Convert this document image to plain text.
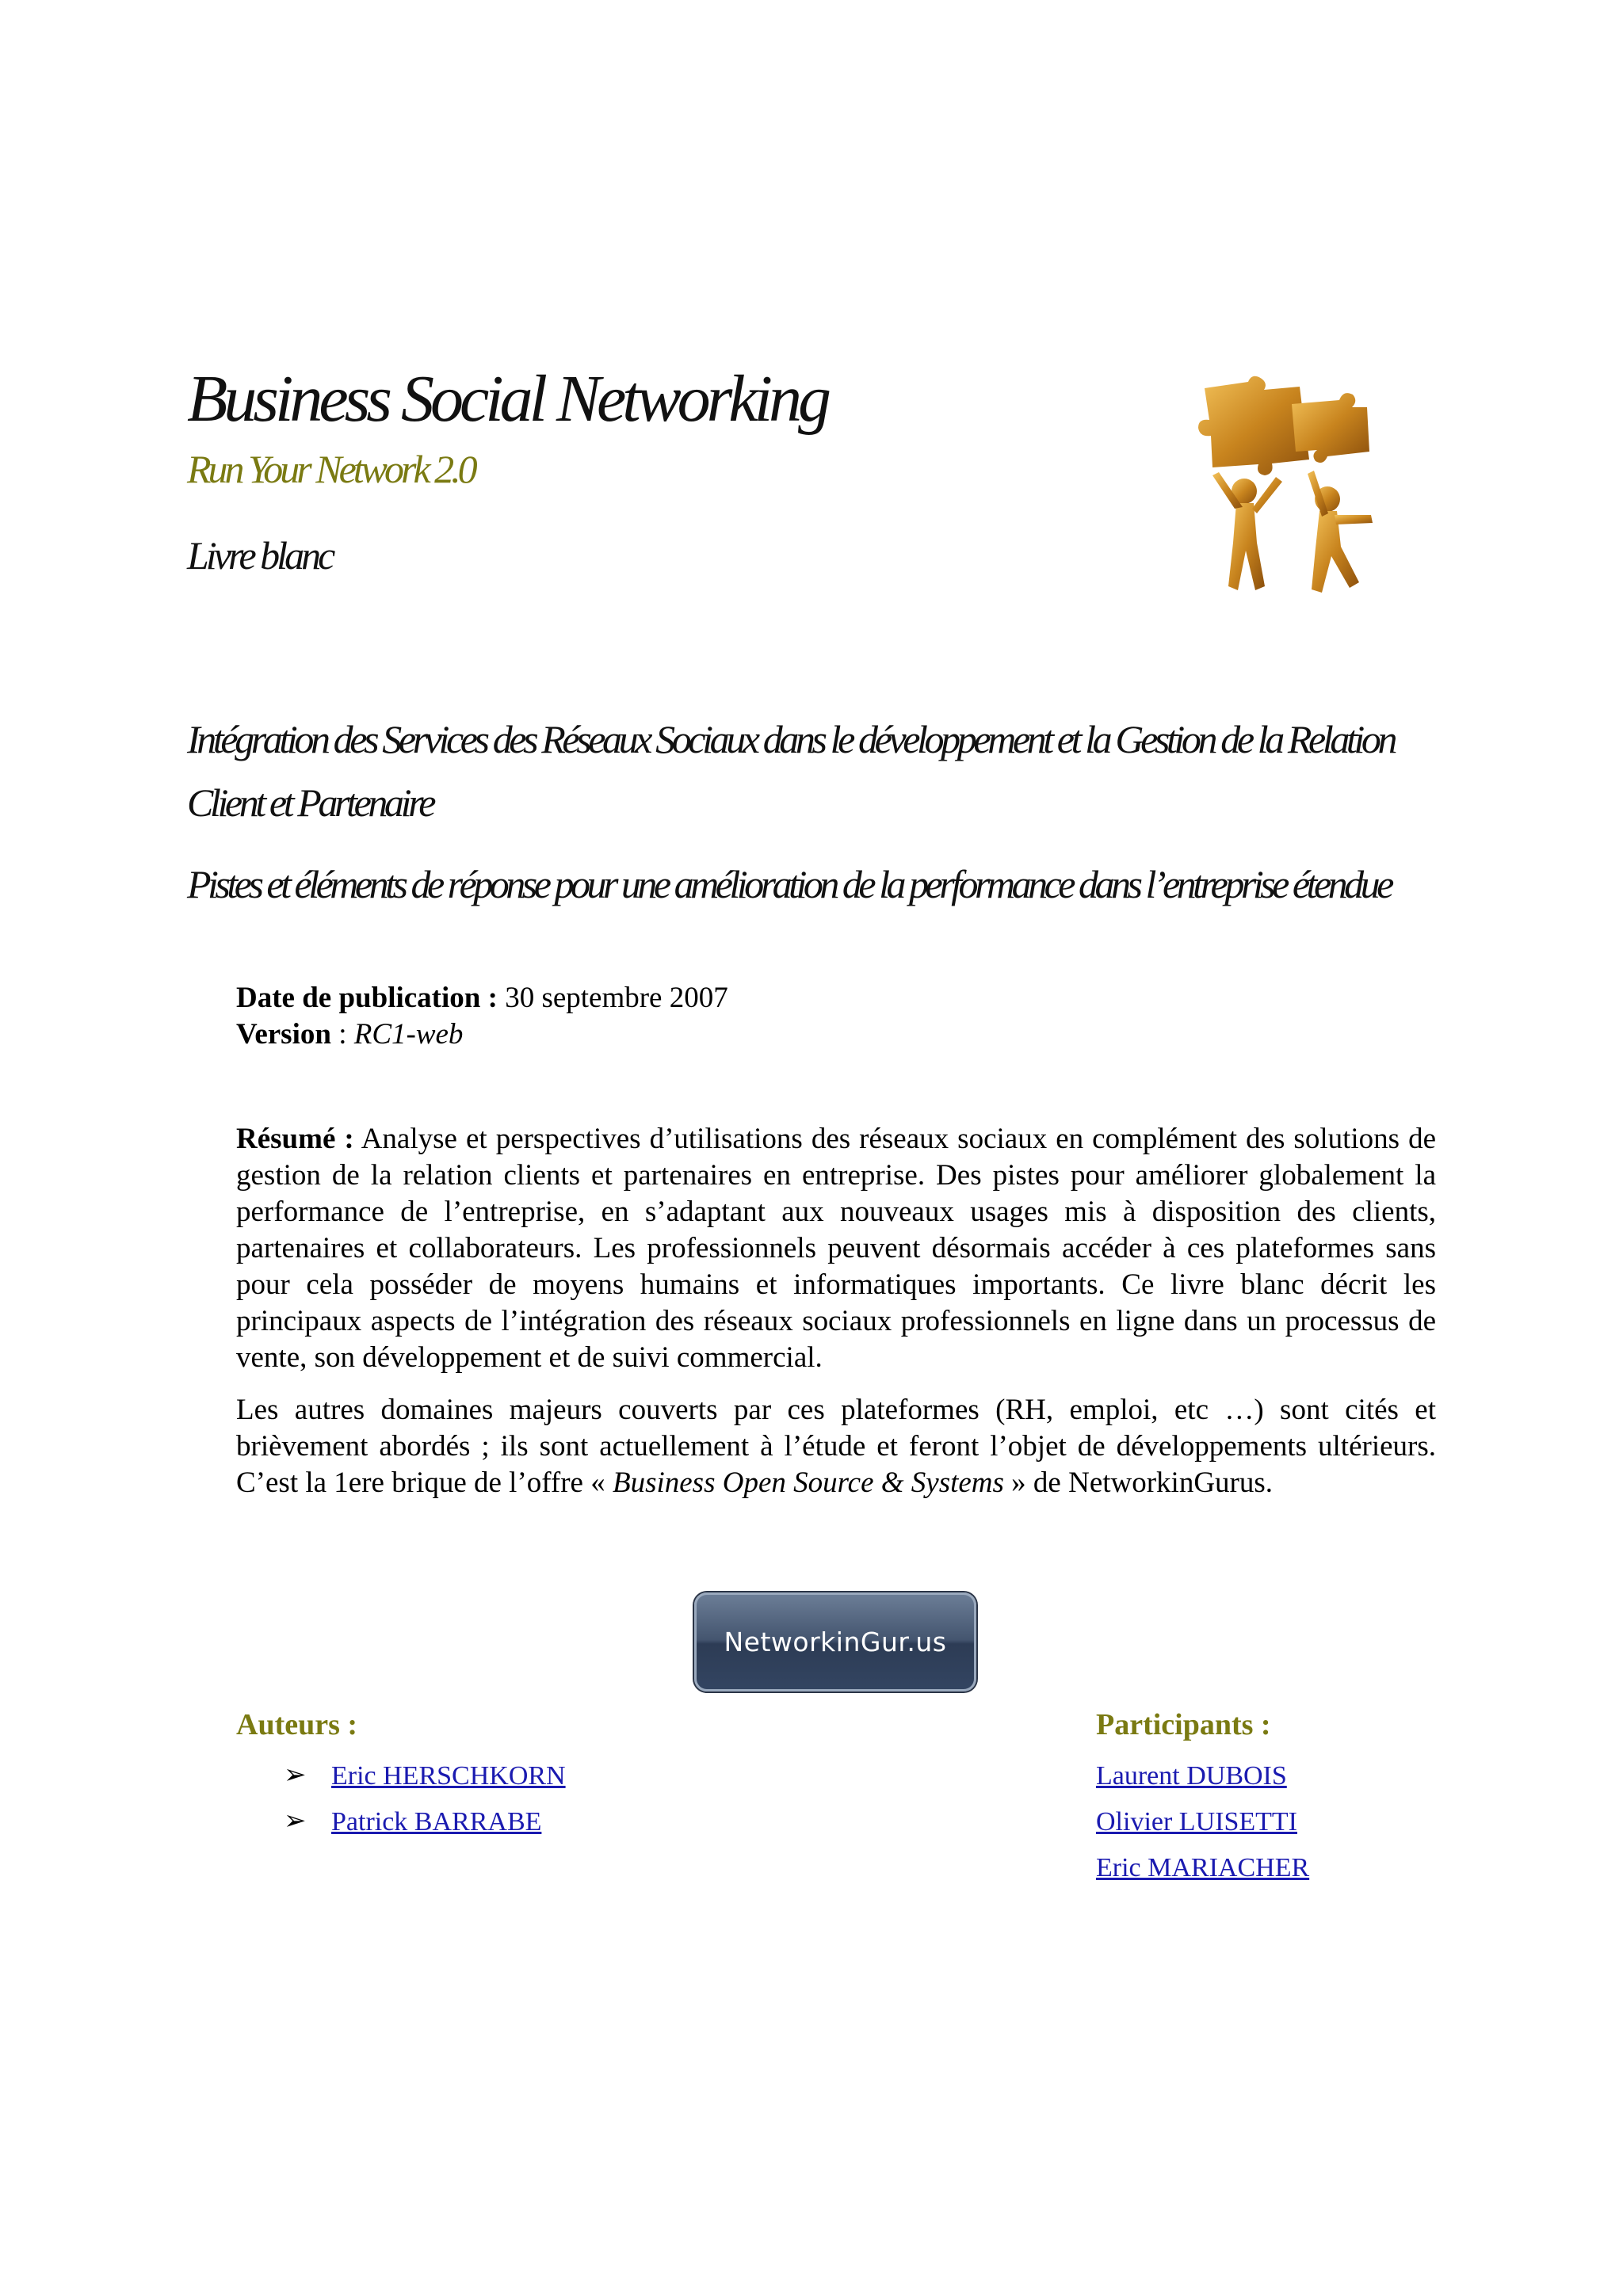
Business Social Networking
Run Your Network 2.0
Livre blanc
Intégration des Services des Réseaux Sociaux dans le développement et la Gestion de la Relation Client et Partenaire
Pistes et éléments de réponse pour une amélioration de la performance dans l’entreprise étendue
Date de publication : 30 septembre 2007
Version : RC1-web

Résumé : Analyse et perspectives d’utilisations des réseaux sociaux en complément des solutions de gestion de la relation clients et partenaires en entreprise. Des pistes pour améliorer globalement la performance de l’entreprise, en s’adaptant aux nouveaux usages mis à disposition des clients, partenaires et collaborateurs. Les professionnels peuvent désormais accéder à ces plateformes sans pour cela posséder de moyens humains et informatiques importants. Ce livre blanc décrit les principaux aspects de l’intégration des réseaux sociaux professionnels en ligne dans un processus de vente, son développement et de suivi commercial.

Les autres domaines majeurs couverts par ces plateformes (RH, emploi, etc …) sont cités et brièvement abordés ; ils sont actuellement à l’étude et feront l’objet de développements ultérieurs. C’est la 1ere brique de l’offre « Business Open Source & Systems » de NetworkinGurus.

NetworkinGur.us
Auteurs :
➢ Eric HERSCHKORN
➢ Patrick BARRABE
Participants :
Laurent DUBOIS
Olivier LUISETTI
Eric MARIACHER
